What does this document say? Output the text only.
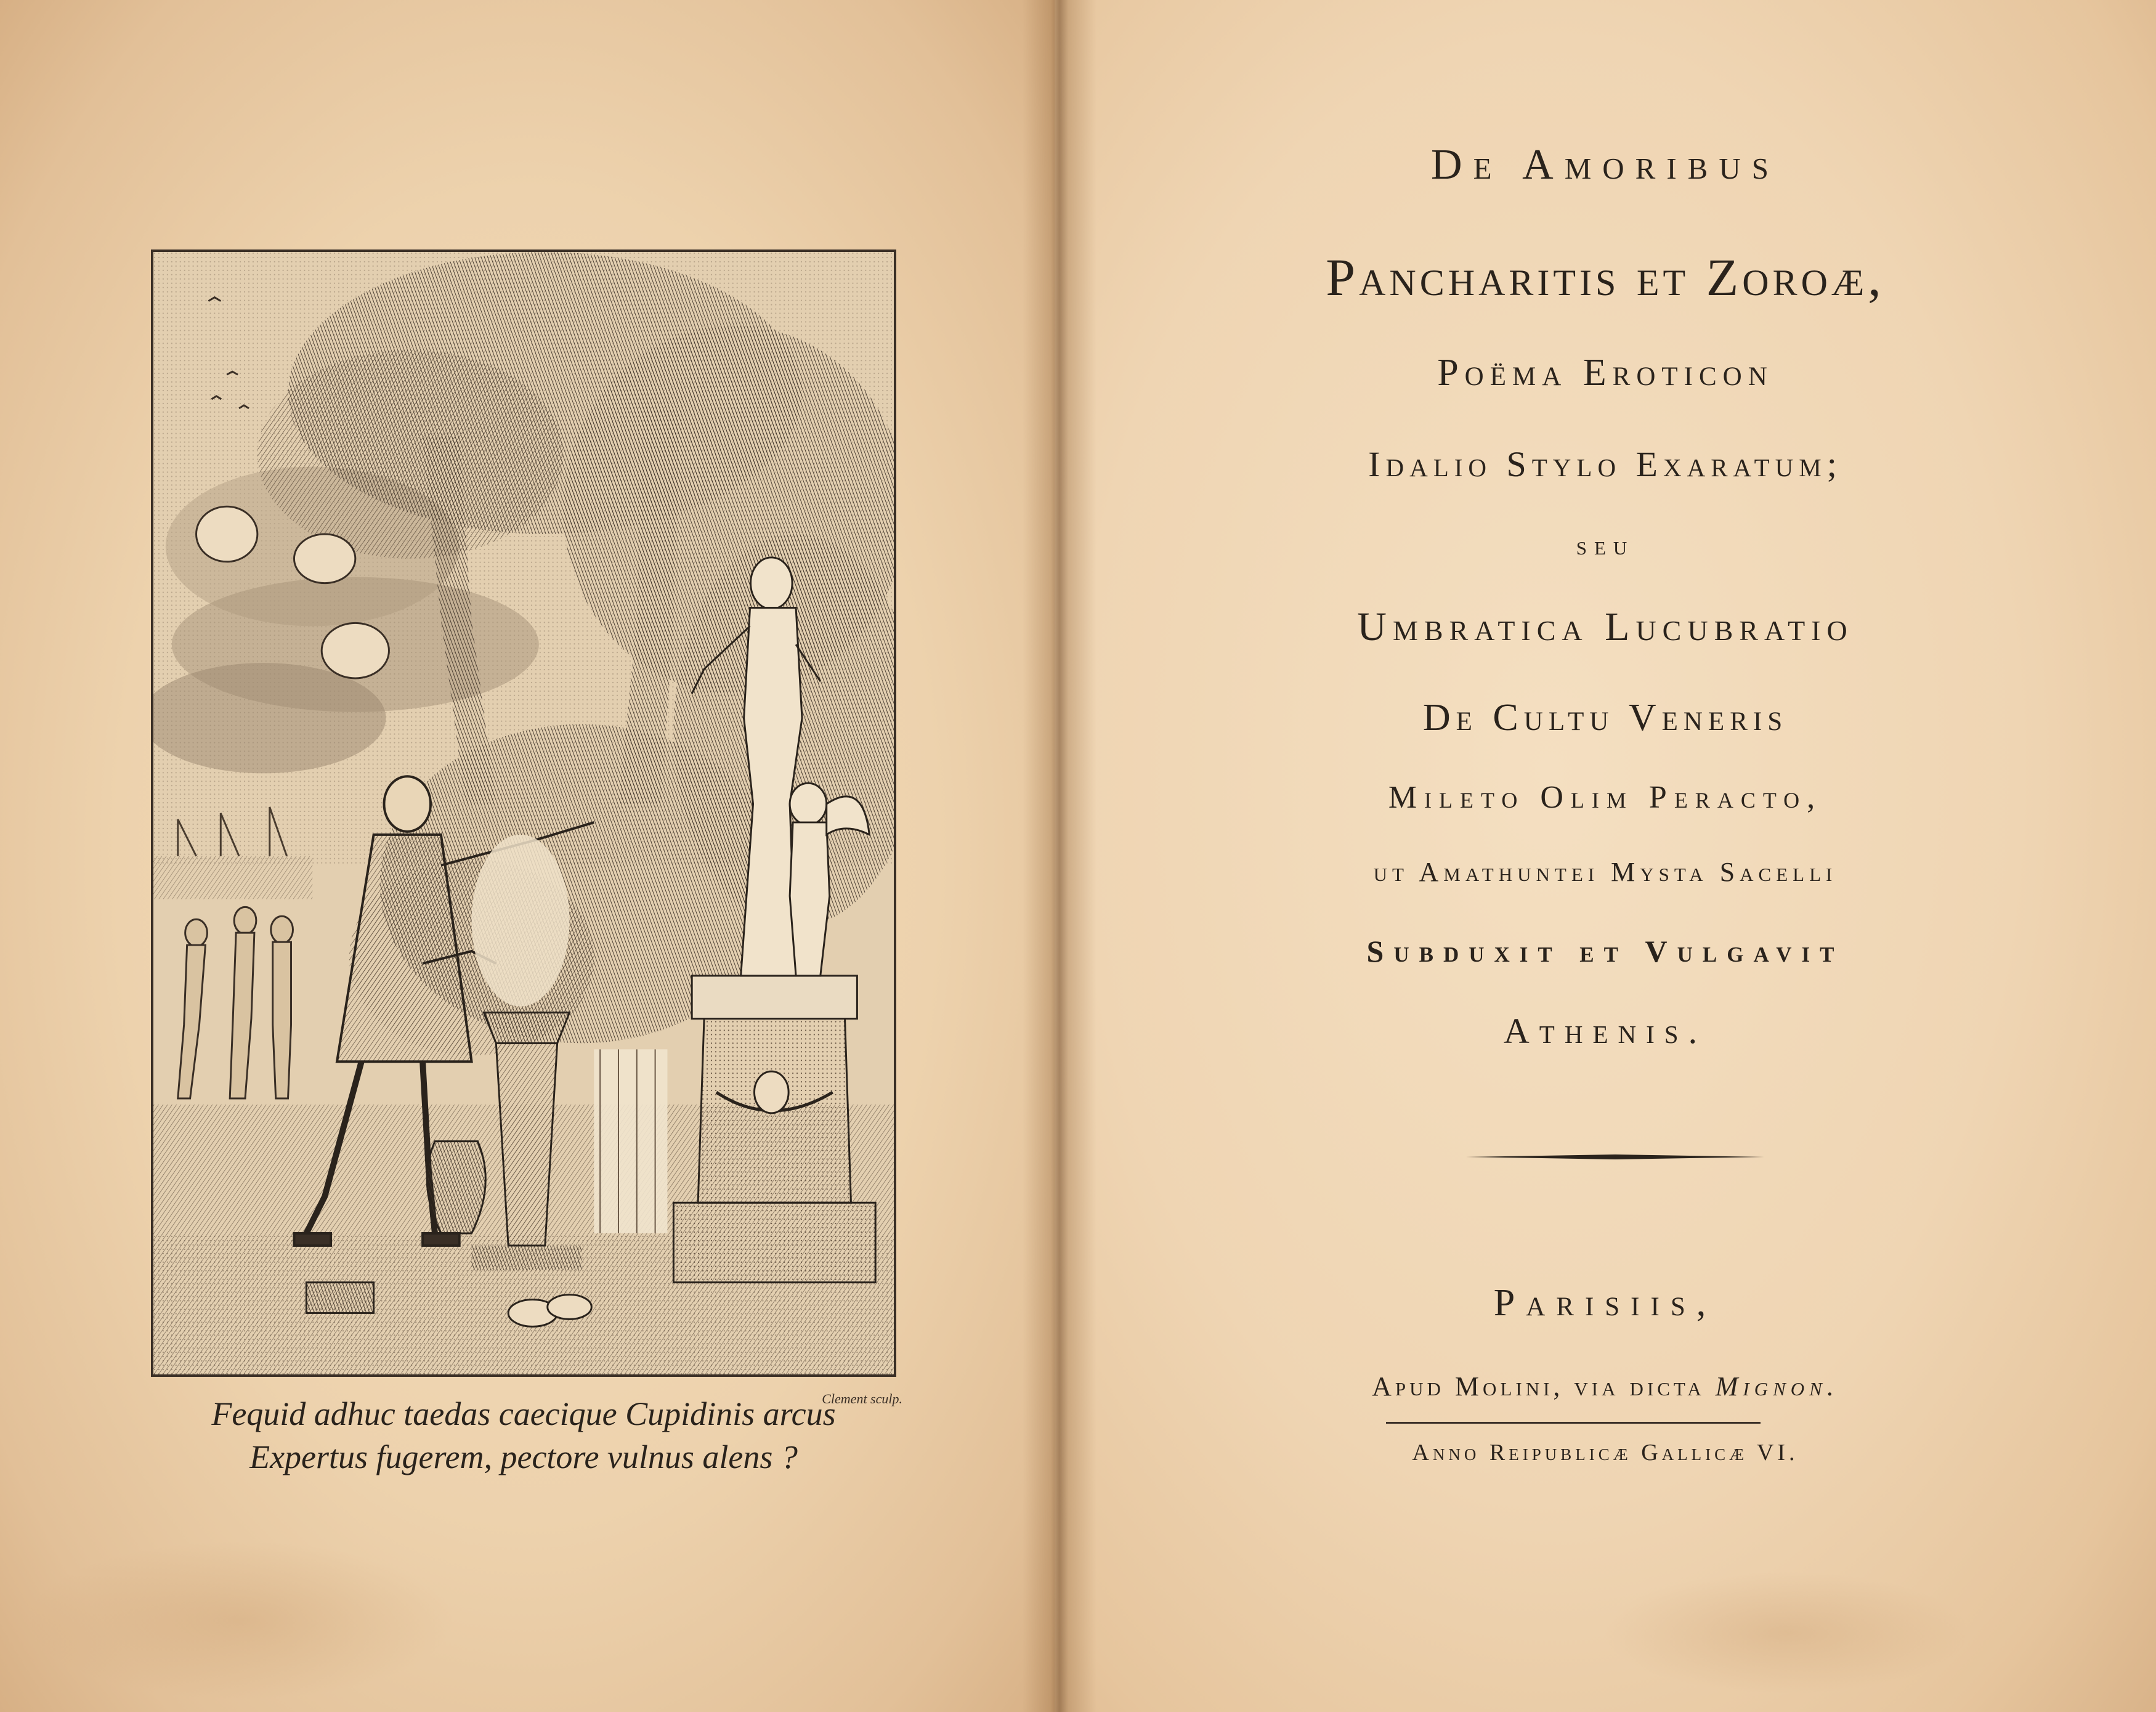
Clement sculp.
Fequid adhuc taedas caecique Cupidinis arcus
Expertus fugerem, pectore vulnus alens ?
De Amoribus
Pancharitis et Zoroæ,
Poëma Eroticon
Idalio Stylo Exaratum;
seu
Umbratica Lucubratio
De Cultu Veneris
Mileto Olim Peracto,
ut Amathuntei Mysta Sacelli
Subduxit et Vulgavit
Athenis.
Parisiis,
Apud Molini, via dicta Mignon.
Anno Reipublicæ Gallicæ VI.
